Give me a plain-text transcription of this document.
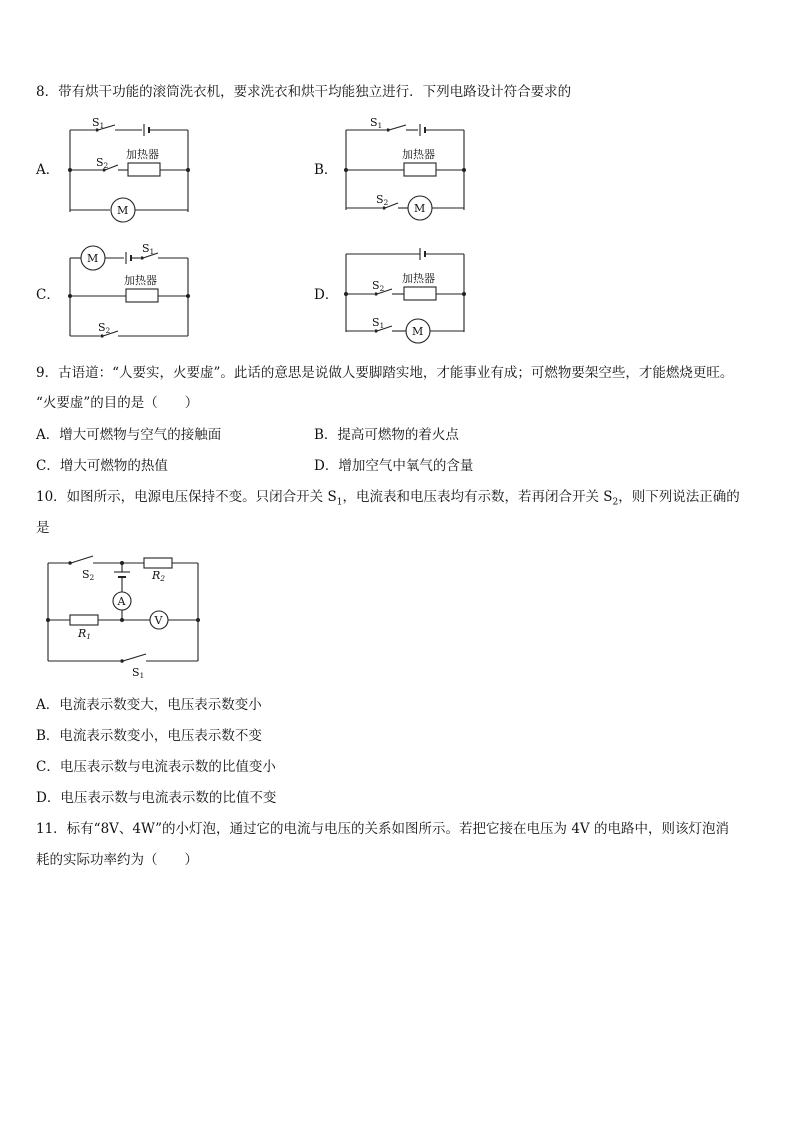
8．带有烘干功能的滚筒洗衣机，要求洗衣和烘干均能独立进行．下列电路设计符合要求的
A．
S1
S2
加热器
M
B．
S1
加热器
S2 M
C．
M
S1
加热器
S2
D．
S2
加热器
S1	M
9．古语道：“人要实，火要虚”。此话的意思是说做人要脚踏实地，才能事业有成；可燃物要架空些，才能燃烧更旺。
“火要虚”的目的是（　　）
A．增大可燃物与空气的接触面	B．提高可燃物的着火点
C．增大可燃物的热值	D．增加空气中氧气的含量
10．如图所示，电源电压保持不变。只闭合开关 $S_1$，电流表和电压表均有示数，若再闭合开关 $S_2$，则下列说法正确的
是
S2	R2
A
V
R1
S1
A．电流表示数变大，电压表示数变小
B．电流表示数变小，电压表示数不变
C．电压表示数与电流表示数的比值变小
D．电压表示数与电流表示数的比值不变
11．标有“8V、4W”的小灯泡，通过它的电流与电压的关系如图所示。若把它接在电压为 4V 的电路中，则该灯泡消
耗的实际功率约为（　　）
